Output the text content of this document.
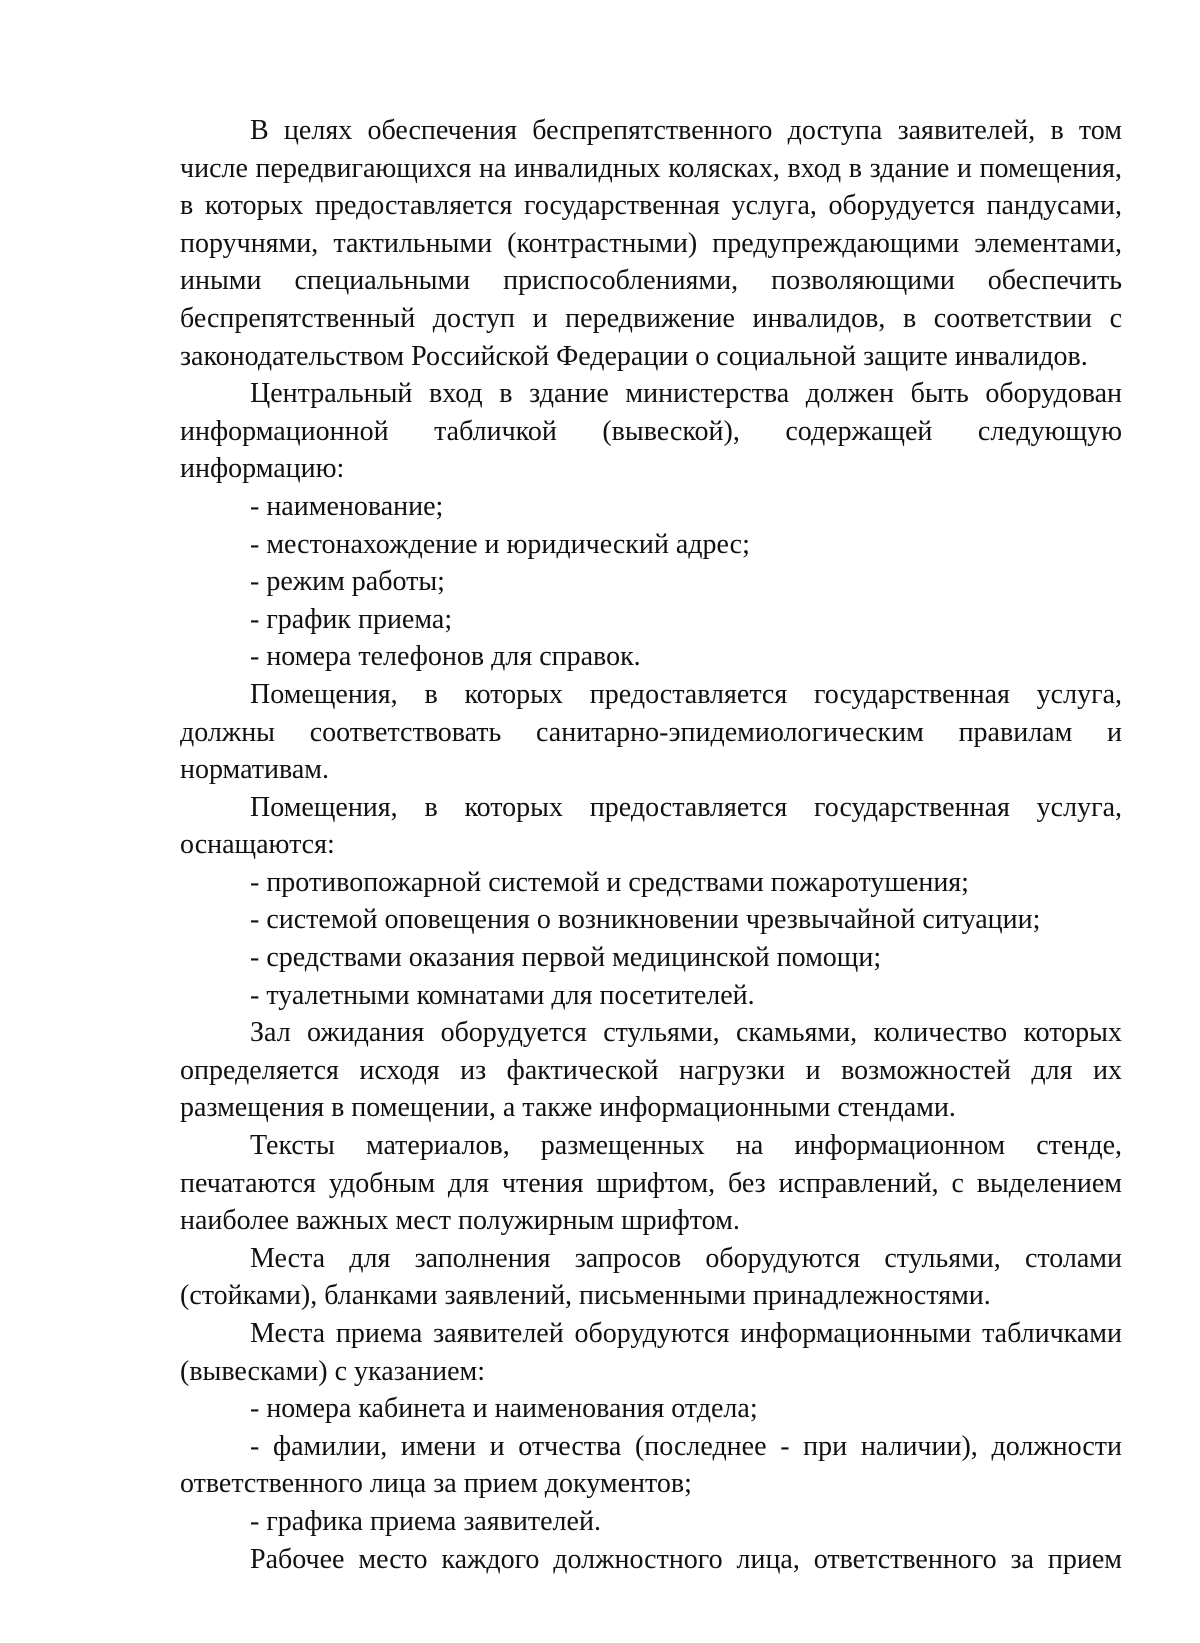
В целях обеспечения беспрепятственного доступа заявителей, в том числе передвигающихся на инвалидных колясках, вход в здание и помещения, в которых предоставляется государственная услуга, оборудуется пандусами, поручнями, тактильными (контрастными) предупреждающими элементами, иными специальными приспособлениями, позволяющими обеспечить беспрепятственный доступ и передвижение инвалидов, в соответствии с законодательством Российской Федерации о социальной защите инвалидов.

Центральный вход в здание министерства должен быть оборудован информационной табличкой (вывеской), содержащей следующую информацию:

- наименование;

- местонахождение и юридический адрес;

- режим работы;

- график приема;

- номера телефонов для справок.

Помещения, в которых предоставляется государственная услуга, должны соответствовать санитарно-эпидемиологическим правилам и нормативам.

Помещения, в которых предоставляется государственная услуга, оснащаются:

- противопожарной системой и средствами пожаротушения;

- системой оповещения о возникновении чрезвычайной ситуации;

- средствами оказания первой медицинской помощи;

- туалетными комнатами для посетителей.

Зал ожидания оборудуется стульями, скамьями, количество которых определяется исходя из фактической нагрузки и возможностей для их размещения в помещении, а также информационными стендами.

Тексты материалов, размещенных на информационном стенде, печатаются удобным для чтения шрифтом, без исправлений, с выделением наиболее важных мест полужирным шрифтом.

Места для заполнения запросов оборудуются стульями, столами (стойками), бланками заявлений, письменными принадлежностями.

Места приема заявителей оборудуются информационными табличками (вывесками) с указанием:

- номера кабинета и наименования отдела;

- фамилии, имени и отчества (последнее - при наличии), должности ответственного лица за прием документов;

- графика приема заявителей.

Рабочее место каждого должностного лица, ответственного за прием
